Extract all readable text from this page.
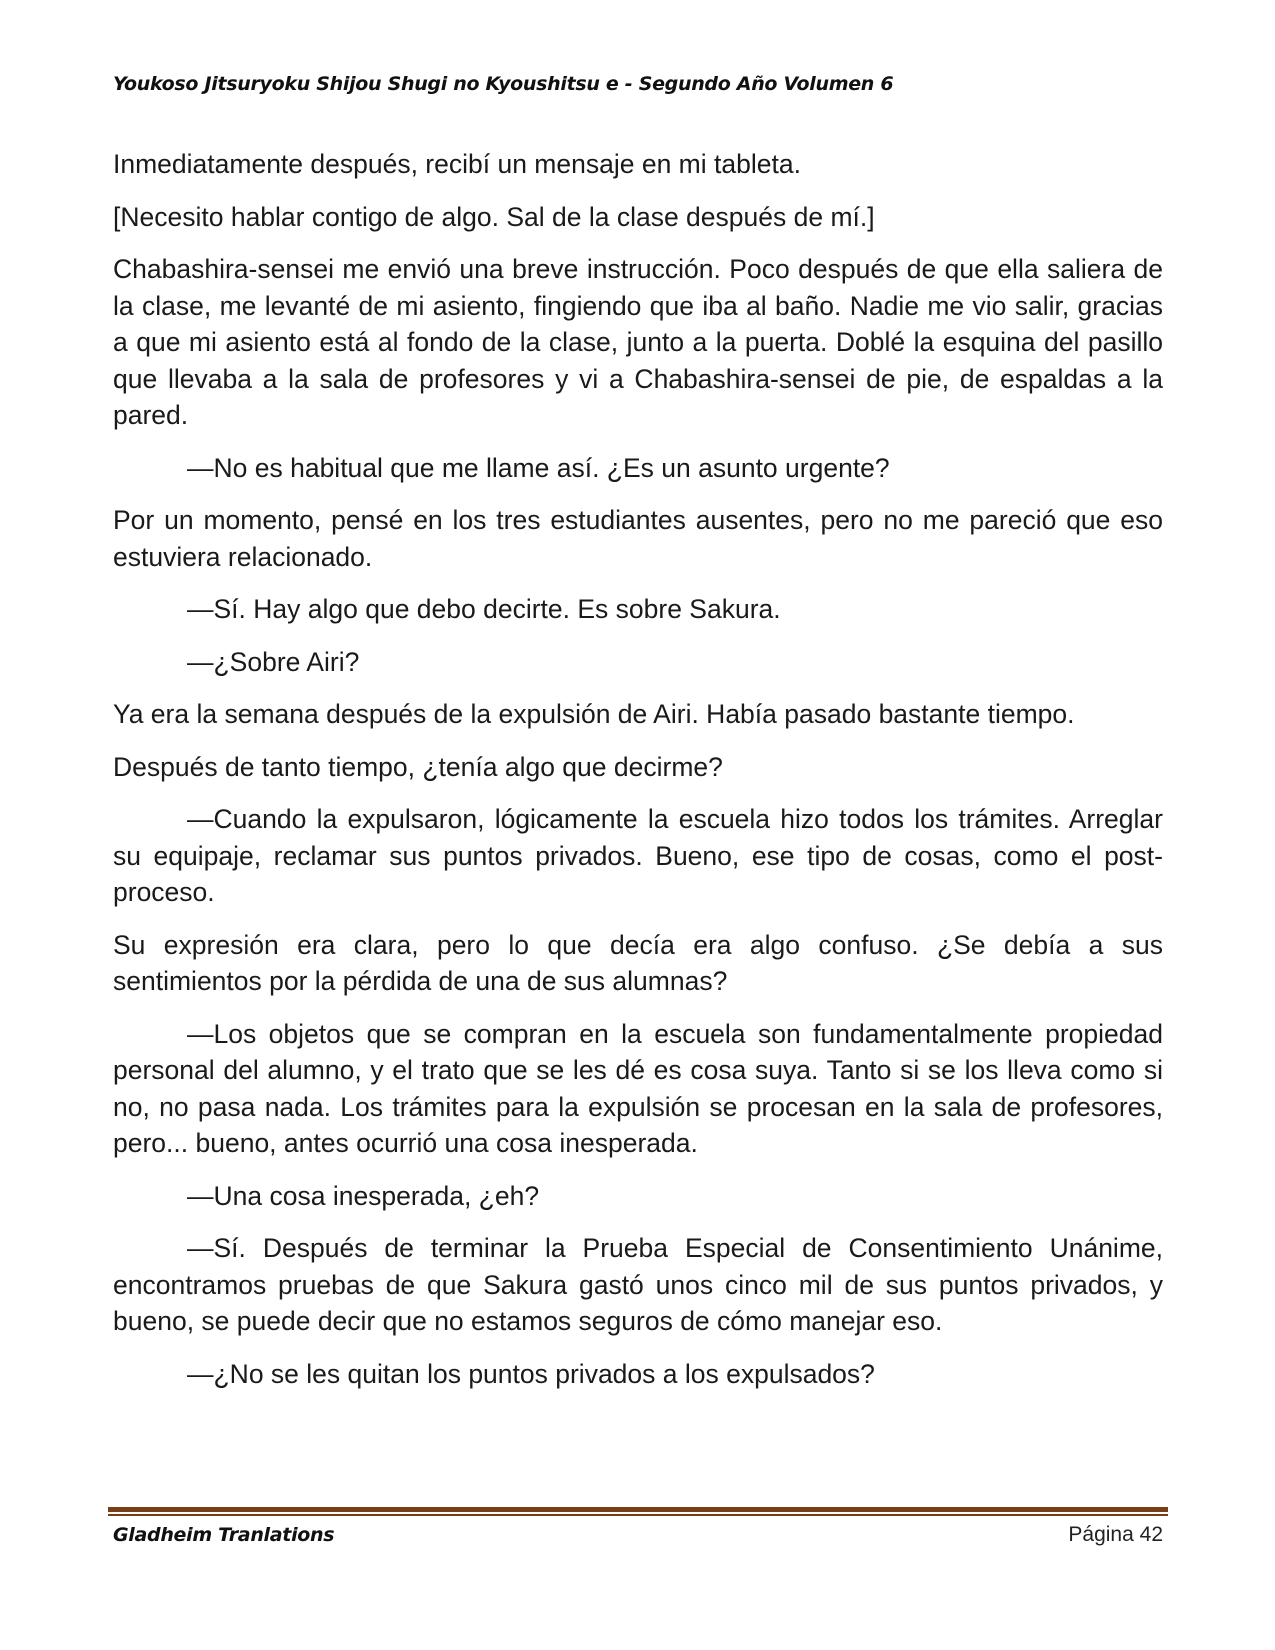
Youkoso Jitsuryoku Shijou Shugi no Kyoushitsu e - Segundo Año Volumen 6

Inmediatamente después, recibí un mensaje en mi tableta.

[Necesito hablar contigo de algo. Sal de la clase después de mí.]

Chabashira-sensei me envió una breve instrucción. Poco después de que ella saliera de la clase, me levanté de mi asiento, fingiendo que iba al baño. Nadie me vio salir, gracias a que mi asiento está al fondo de la clase, junto a la puerta. Doblé la esquina del pasillo que llevaba a la sala de profesores y vi a Chabashira-sensei de pie, de espaldas a la pared.

—No es habitual que me llame así. ¿Es un asunto urgente?

Por un momento, pensé en los tres estudiantes ausentes, pero no me pareció que eso estuviera relacionado.

—Sí. Hay algo que debo decirte. Es sobre Sakura.

—¿Sobre Airi?

Ya era la semana después de la expulsión de Airi. Había pasado bastante tiempo.

Después de tanto tiempo, ¿tenía algo que decirme?

—Cuando la expulsaron, lógicamente la escuela hizo todos los trámites. Arreglar su equipaje, reclamar sus puntos privados. Bueno, ese tipo de cosas, como el post-proceso.

Su expresión era clara, pero lo que decía era algo confuso. ¿Se debía a sus sentimientos por la pérdida de una de sus alumnas?

—Los objetos que se compran en la escuela son fundamentalmente propiedad personal del alumno, y el trato que se les dé es cosa suya. Tanto si se los lleva como si no, no pasa nada. Los trámites para la expulsión se procesan en la sala de profesores, pero... bueno, antes ocurrió una cosa inesperada.

—Una cosa inesperada, ¿eh?

—Sí. Después de terminar la Prueba Especial de Consentimiento Unánime, encontramos pruebas de que Sakura gastó unos cinco mil de sus puntos privados, y bueno, se puede decir que no estamos seguros de cómo manejar eso.

—¿No se les quitan los puntos privados a los expulsados?

Gladheim Tranlations	Página 42
